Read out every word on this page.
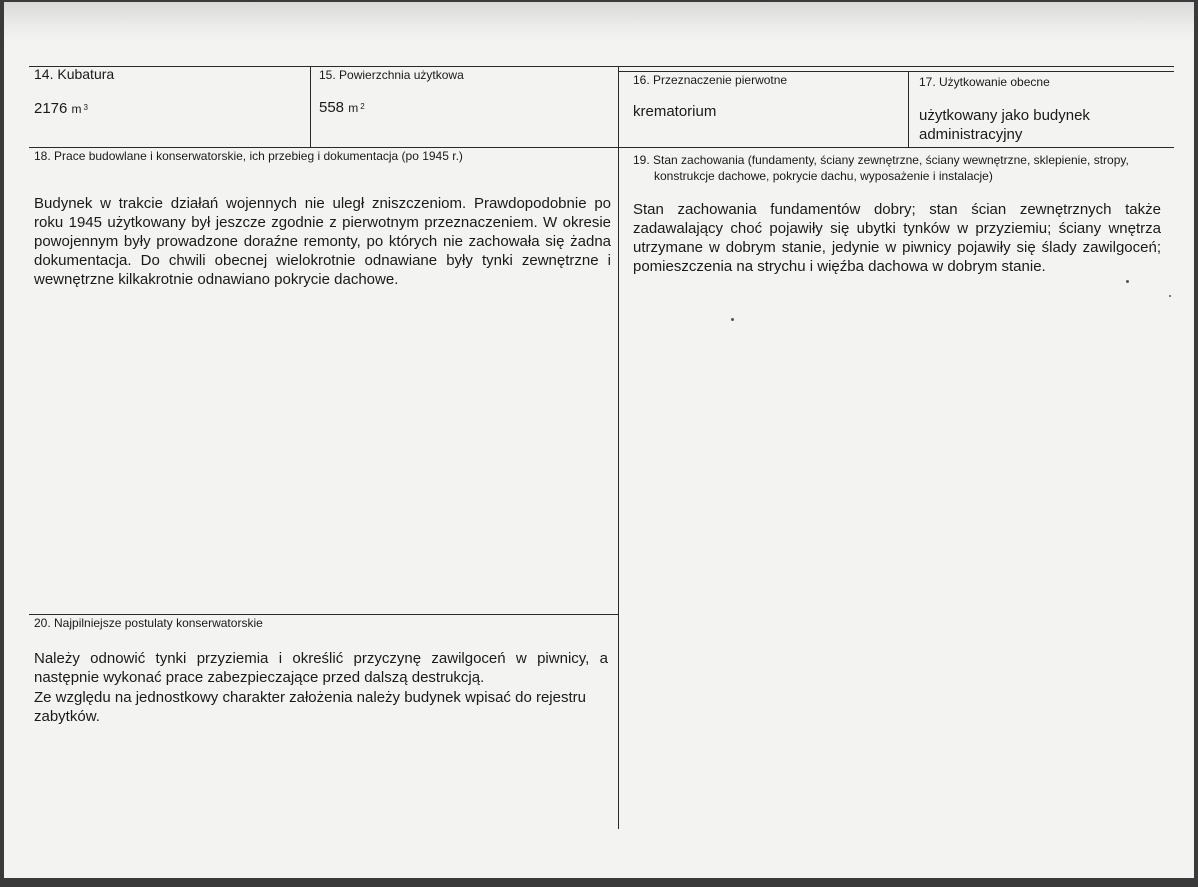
14. Kubatura
2176 m $^3$
15. Powierzchnia użytkowa
558 m $^2$
16. Przeznaczenie pierwotne
krematorium
17. Użytkowanie obecne
użytkowany jako budynek administracyjny
18. Prace budowlane i konserwatorskie, ich przebieg i dokumentacja (po 1945 r.)
Budynek w trakcie działań wojennych nie uległ zniszczeniom. Prawdopodobnie po roku 1945 użytkowany był jeszcze zgodnie z pierwotnym przeznaczeniem. W okresie powojennym były prowadzone doraźne remonty, po których nie zachowała się żadna dokumentacja. Do chwili obecnej wielokrotnie odnawiane były tynki zewnętrzne i wewnętrzne kilkakrotnie odnawiano pokrycie dachowe.
19. Stan zachowania (fundamenty, ściany zewnętrzne, ściany wewnętrzne, sklepienie, stropy,
konstrukcje dachowe, pokrycie dachu, wyposażenie i instalacje)
Stan zachowania fundamentów dobry; stan ścian zewnętrznych także zadawalający choć pojawiły się ubytki tynków w przyziemiu; ściany wnętrza utrzymane w dobrym stanie, jedynie w piwnicy pojawiły się ślady zawilgoceń; pomieszczenia na strychu i więźba dachowa w dobrym stanie.
20. Najpilniejsze postulaty konserwatorskie
Należy odnowić tynki przyziemia i określić przyczynę zawilgoceń w piwnicy, a następnie wykonać prace zabezpieczające przed dalszą destrukcją.
Ze względu na jednostkowy charakter założenia należy budynek wpisać do rejestru zabytków.
